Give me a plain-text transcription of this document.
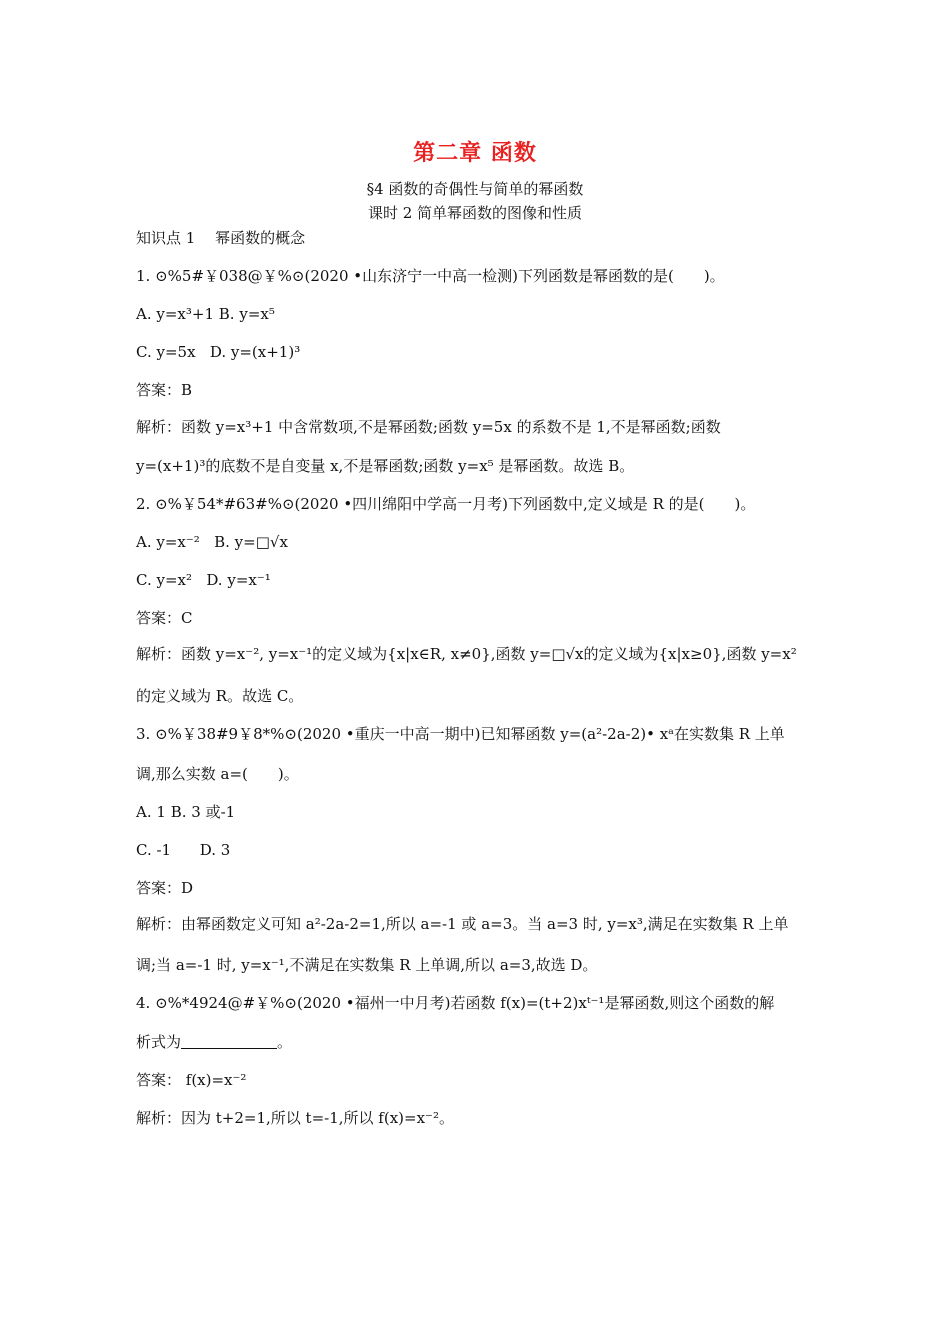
第二章 函数
§4 函数的奇偶性与简单的幂函数
课时 2 简单幂函数的图像和性质
知识点 1　 幂函数的概念
1. ⊙%5#￥038@￥%⊙(2020 •山东济宁一中高一检测)下列函数是幂函数的是(　　)。
A. y=x³+1 B. y=x⁵
C. y=5x D. y=(x+1)³
答案：B
解析：函数 y=x³+1 中含常数项,不是幂函数;函数 y=5x 的系数不是 1,不是幂函数;函数
y=(x+1)³的底数不是自变量 x,不是幂函数;函数 y=x⁵ 是幂函数。故选 B。
2. ⊙%￥54*#63#%⊙(2020 •四川绵阳中学高一月考)下列函数中,定义域是 R 的是(　　)。
A. y=x⁻² B. y=□√x
C. y=x² D. y=x⁻¹
答案：C
解析：函数 y=x⁻², y=x⁻¹的定义域为{x|x∈R, x≠0},函数 y=□√x的定义域为{x|x≥0},函数 y=x²
的定义域为 R。故选 C。
3. ⊙%￥38#9￥8*%⊙(2020 •重庆一中高一期中)已知幂函数 y=(a²-2a-2)• xᵃ在实数集 R 上单
调,那么实数 a=(　　)。
A. 1 B. 3 或-1
C. -1 D. 3
答案：D
解析：由幂函数定义可知 a²-2a-2=1,所以 a=-1 或 a=3。当 a=3 时, y=x³,满足在实数集 R 上单
调;当 a=-1 时, y=x⁻¹,不满足在实数集 R 上单调,所以 a=3,故选 D。
4. ⊙%*4924@#￥%⊙(2020 •福州一中月考)若函数 f(x)=(t+2)xᵗ⁻¹是幂函数,则这个函数的解
析式为	。
答案： f(x)=x⁻²
解析：因为 t+2=1,所以 t=-1,所以 f(x)=x⁻²。
